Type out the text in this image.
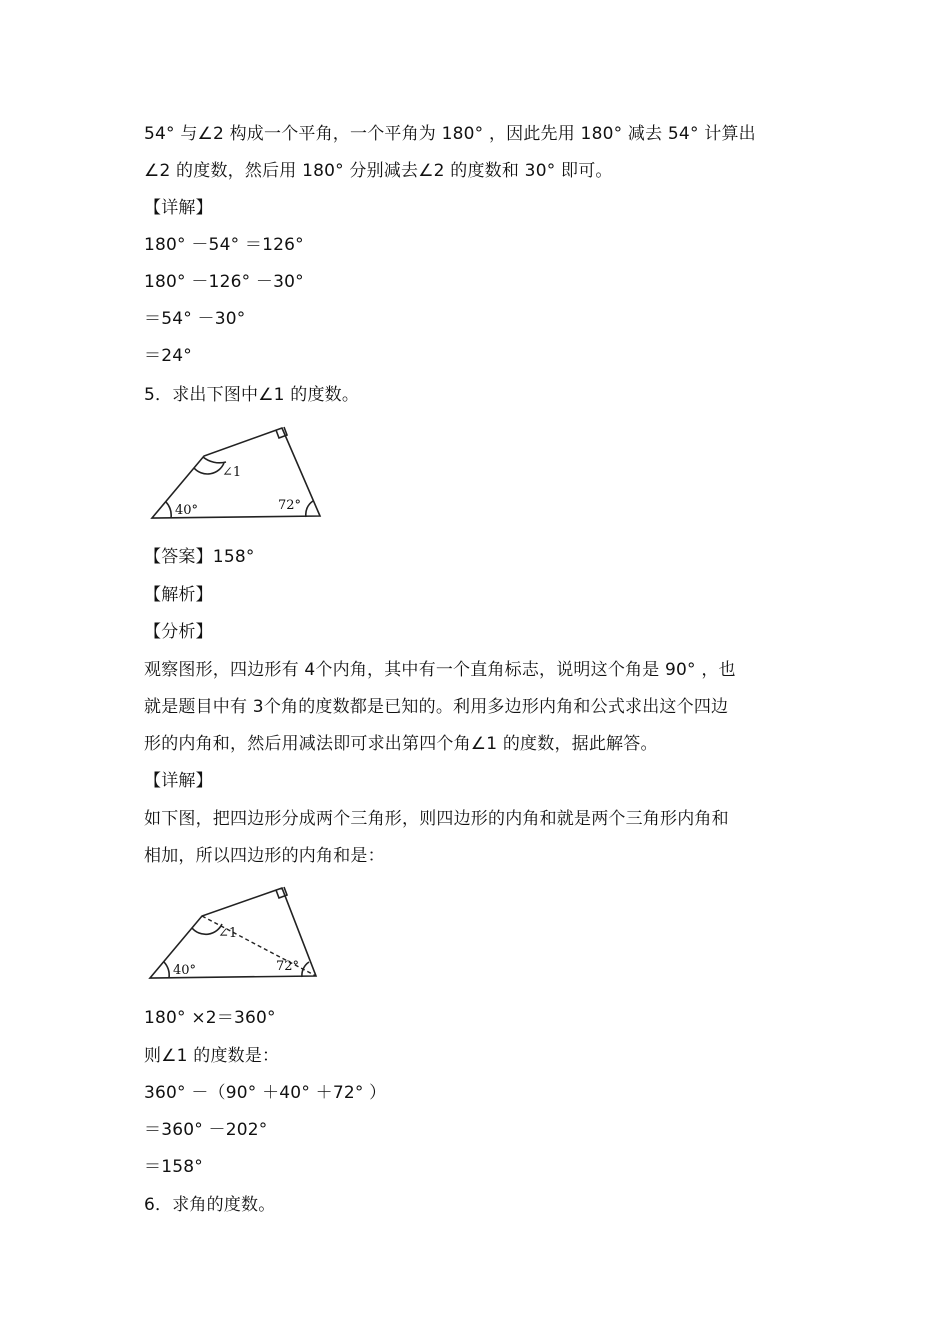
54° 与∠2 构成一个平角，一个平角为 180° ，因此先用 180° 减去 54° 计算出
∠2 的度数，然后用 180° 分别减去∠2 的度数和 30° 即可。
【详解】
180° －54° ＝126°
180° －126° －30°
＝54° －30°
＝24°
5．求出下图中∠1 的度数。
∠1
40°	72°
【答案】158°
【解析】
【分析】
观察图形，四边形有 4个内角，其中有一个直角标志，说明这个角是 90° ，也
就是题目中有 3个角的度数都是已知的。利用多边形内角和公式求出这个四边
形的内角和，然后用减法即可求出第四个角∠1 的度数，据此解答。
【详解】
如下图，把四边形分成两个三角形，则四边形的内角和就是两个三角形内角和
相加，所以四边形的内角和是：
∠1
40°	72°
180° ×2＝360°
则∠1 的度数是：
360° －（90° ＋40° ＋72° ）
＝360° －202°
＝158°
6．求角的度数。
